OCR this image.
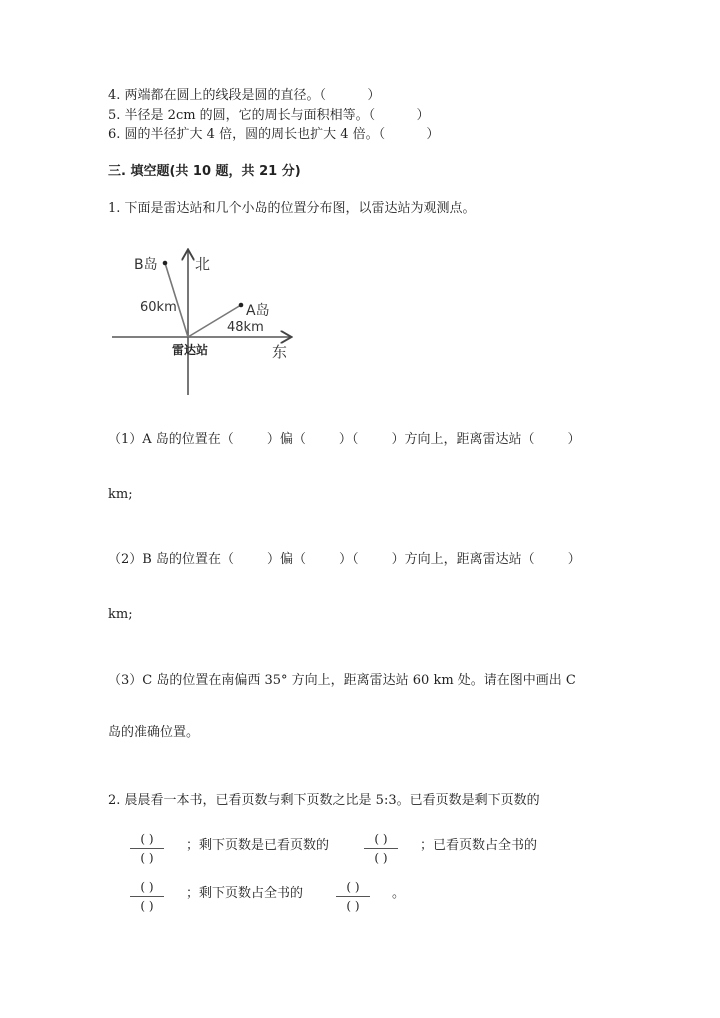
4. 两端都在圆上的线段是圆的直径。（          ）
5. 半径是 2cm 的圆，它的周长与面积相等。（          ）
6. 圆的半径扩大 4 倍，圆的周长也扩大 4 倍。（          ）
三. 填空题(共 10 题，共 21 分)
1. 下面是雷达站和几个小岛的位置分布图，以雷达站为观测点。
北
东
B岛
60km	A岛
48km
雷达站
（1）A 岛的位置在（        ）偏（        ）（        ）方向上，距离雷达站（        ）
km;
（2）B 岛的位置在（        ）偏（        ）（        ）方向上，距离雷达站（        ）
km;
（3）C 岛的位置在南偏西 35° 方向上，距离雷达站 60 km 处。请在图中画出 C
岛的准确位置。
2. 晨晨看一本书，已看页数与剩下页数之比是 5:3。已看页数是剩下页数的
( )
( )
；剩下页数是已看页数的	( )
( )
；已看页数占全书的
( )
( )
；剩下页数占全书的	( )
( )
。
